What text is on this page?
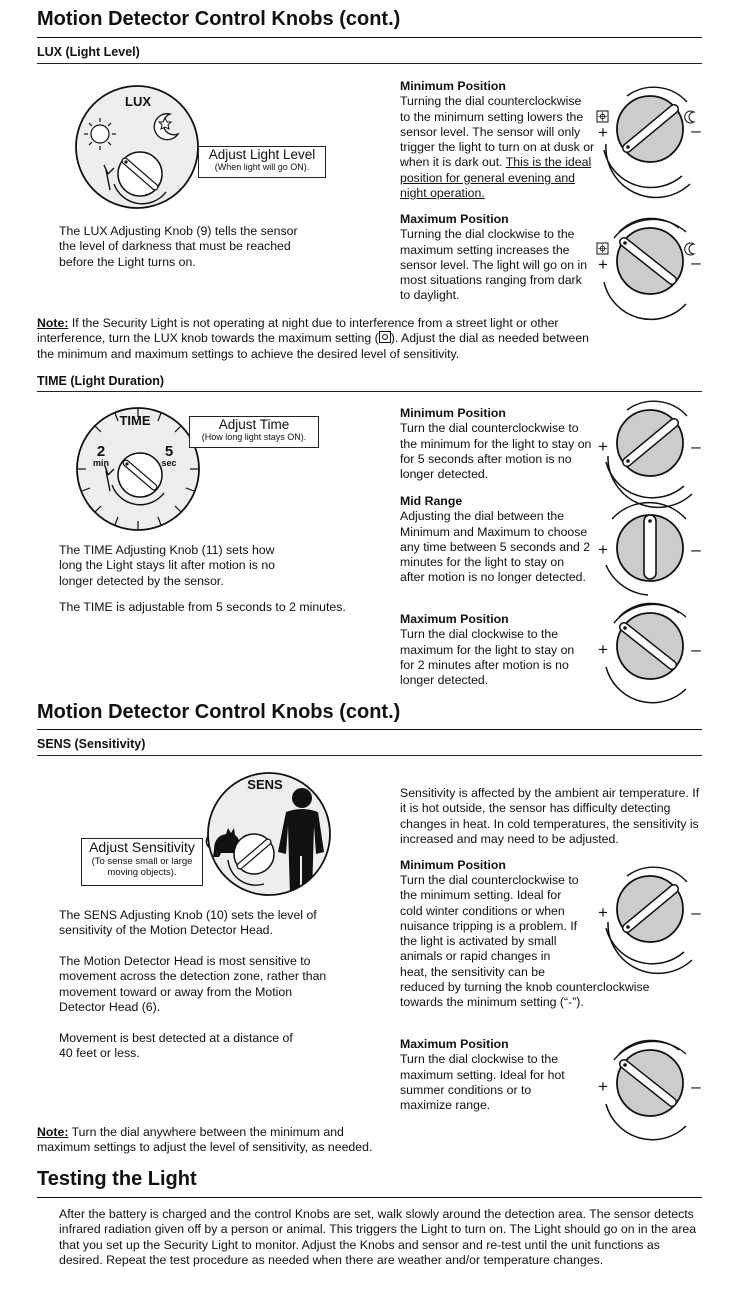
Motion Detector Control Knobs (cont.)
LUX (Light Level)
LUX
Adjust Light Level
(When light will go ON).
The LUX Adjusting Knob (9) tells the sensor the level of darkness that must be reached before the Light turns on.
Minimum Position
Turning the dial counterclockwise to the minimum setting lowers the sensor level. The sensor will only trigger the light to turn on at dusk or when it is dark out. This is the ideal position for general evening and night operation.
Maximum Position
Turning the dial clockwise to the maximum setting increases the sensor level. The light will go on in most situations ranging from dark to daylight.
+	–
+	–
Note: If the Security Light is not operating at night due to interference from a street light or other interference, turn the LUX knob towards the maximum setting ( ). Adjust the dial as needed between the minimum and maximum settings to achieve the desired level of sensitivity.
TIME (Light Duration)
TIME
2
min
5
sec
Adjust Time
(How long light stays ON).
The TIME Adjusting Knob (11) sets how long the Light stays lit after motion is no longer detected by the sensor.
The TIME is adjustable from 5 seconds to 2 minutes.
Minimum Position
Turn the dial counterclockwise to the minimum for the light to stay on for 5 seconds after motion is no longer detected.
Mid Range
Adjusting the dial between the Minimum and Maximum to choose any time between 5 seconds and 2 minutes for the light to stay on after motion is no longer detected.
Maximum Position
Turn the dial clockwise to the maximum for the light to stay on for 2 minutes after motion is no longer detected.
+	–
+	–
+	–
Motion Detector Control Knobs (cont.)
SENS (Sensitivity)
SENS
Adjust Sensitivity
(To sense small or large moving objects).
Sensitivity is affected by the ambient air temperature. If it is hot outside, the sensor has difficulty detecting changes in heat. In cold temperatures, the sensitivity is increased and may need to be adjusted.
The SENS Adjusting Knob (10) sets the level of sensitivity of the Motion Detector Head.
The Motion Detector Head is most sensitive to movement across the detection zone, rather than movement toward or away from the Motion Detector Head (6).
Movement is best detected at a distance of 40 feet or less.
Minimum Position
Turn the dial counterclockwise to the minimum setting. Ideal for cold winter conditions or when nuisance tripping is a problem. If the light is activated by small animals or rapid changes in heat, the sensitivity can be reduced by turning the knob counterclockwise towards the minimum setting (“-”).
Maximum Position
Turn the dial clockwise to the maximum setting. Ideal for hot summer conditions or to maximize range.
+	–
+	–
Note: Turn the dial anywhere between the minimum and maximum settings to adjust the level of sensitivity, as needed.
Testing the Light
After the battery is charged and the control Knobs are set, walk slowly around the detection area. The sensor detects infrared radiation given off by a person or animal. This triggers the Light to turn on. The Light should go on in the area that you set up the Security Light to monitor. Adjust the Knobs and sensor and re-test until the unit functions as desired. Repeat the test procedure as needed when there are weather and/or temperature changes.
